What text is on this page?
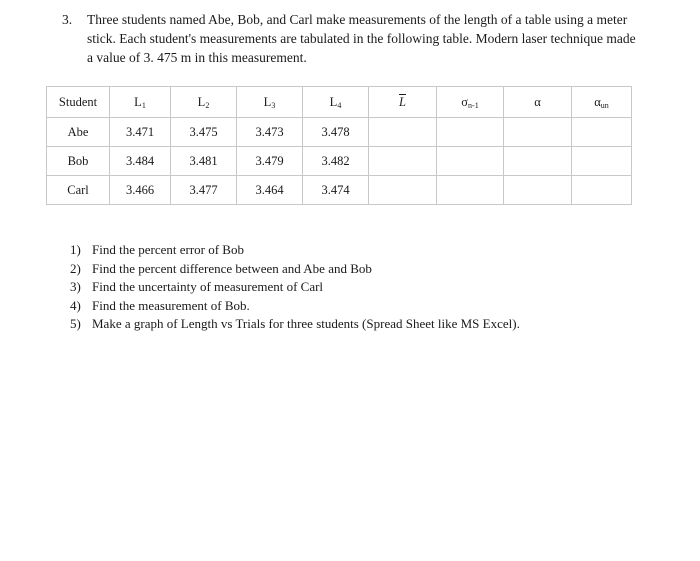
3. Three students named Abe, Bob, and Carl make measurements of the length of a table using a meter stick. Each student's measurements are tabulated in the following table. Modern laser technique made a value of 3. 475 m in this measurement.
Student	$L_1$	$L_2$	$L_3$	$L_4$	$\overline{L}$	$\sigma_{n-1}$	α	$\alpha_{un}$
Abe	3.471	3.475	3.473	3.478				
Bob	3.484	3.481	3.479	3.482				
Carl	3.466	3.477	3.464	3.474				
1) Find the percent error of Bob
2) Find the percent difference between and Abe and Bob
3) Find the uncertainty of measurement of Carl
4) Find the measurement of Bob.
5) Make a graph of Length vs Trials for three students (Spread Sheet like MS Excel).
